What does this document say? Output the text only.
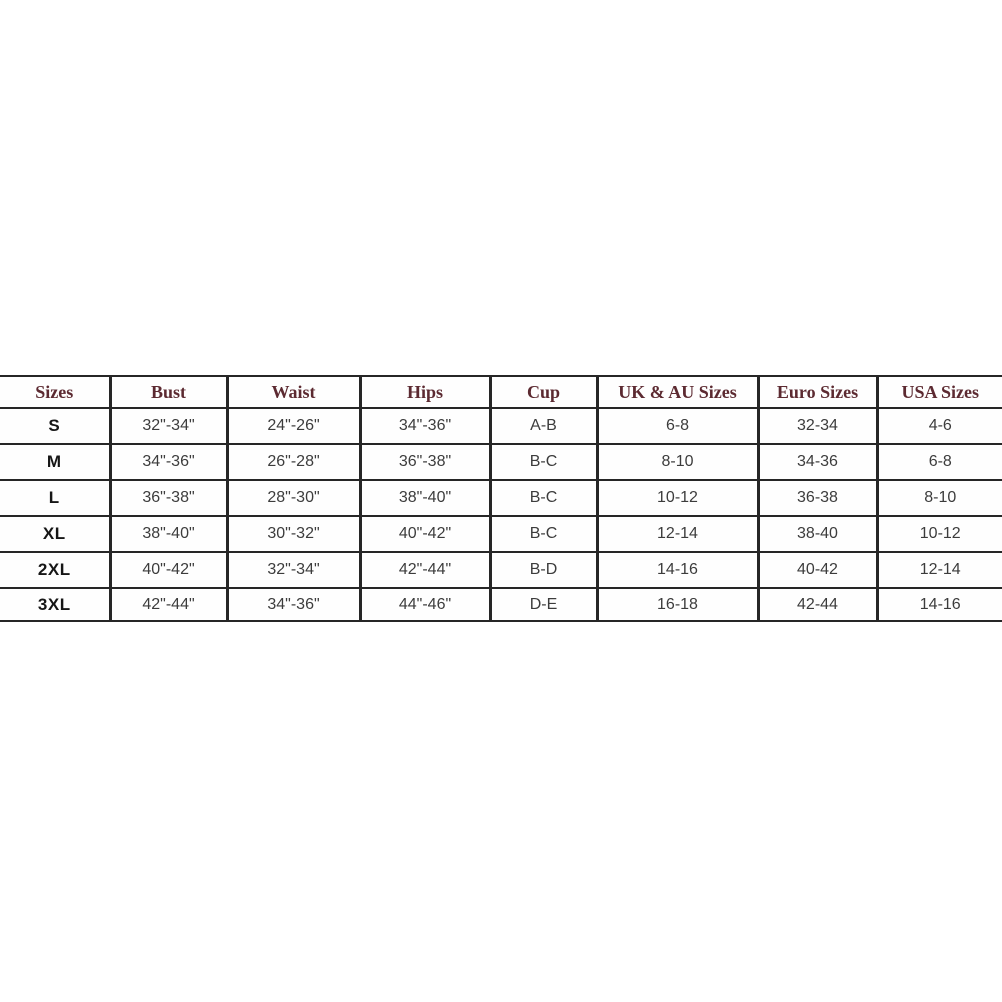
Sizes	Bust	Waist	Hips	Cup	UK & AU Sizes	Euro Sizes	USA Sizes
S	32"-34"	24"-26"	34"-36"	A-B	6-8	32-34	4-6
M	34"-36"	26"-28"	36"-38"	B-C	8-10	34-36	6-8
L	36"-38"	28"-30"	38"-40"	B-C	10-12	36-38	8-10
XL	38"-40"	30"-32"	40"-42"	B-C	12-14	38-40	10-12
2XL	40"-42"	32"-34"	42"-44"	B-D	14-16	40-42	12-14
3XL	42"-44"	34"-36"	44"-46"	D-E	16-18	42-44	14-16
